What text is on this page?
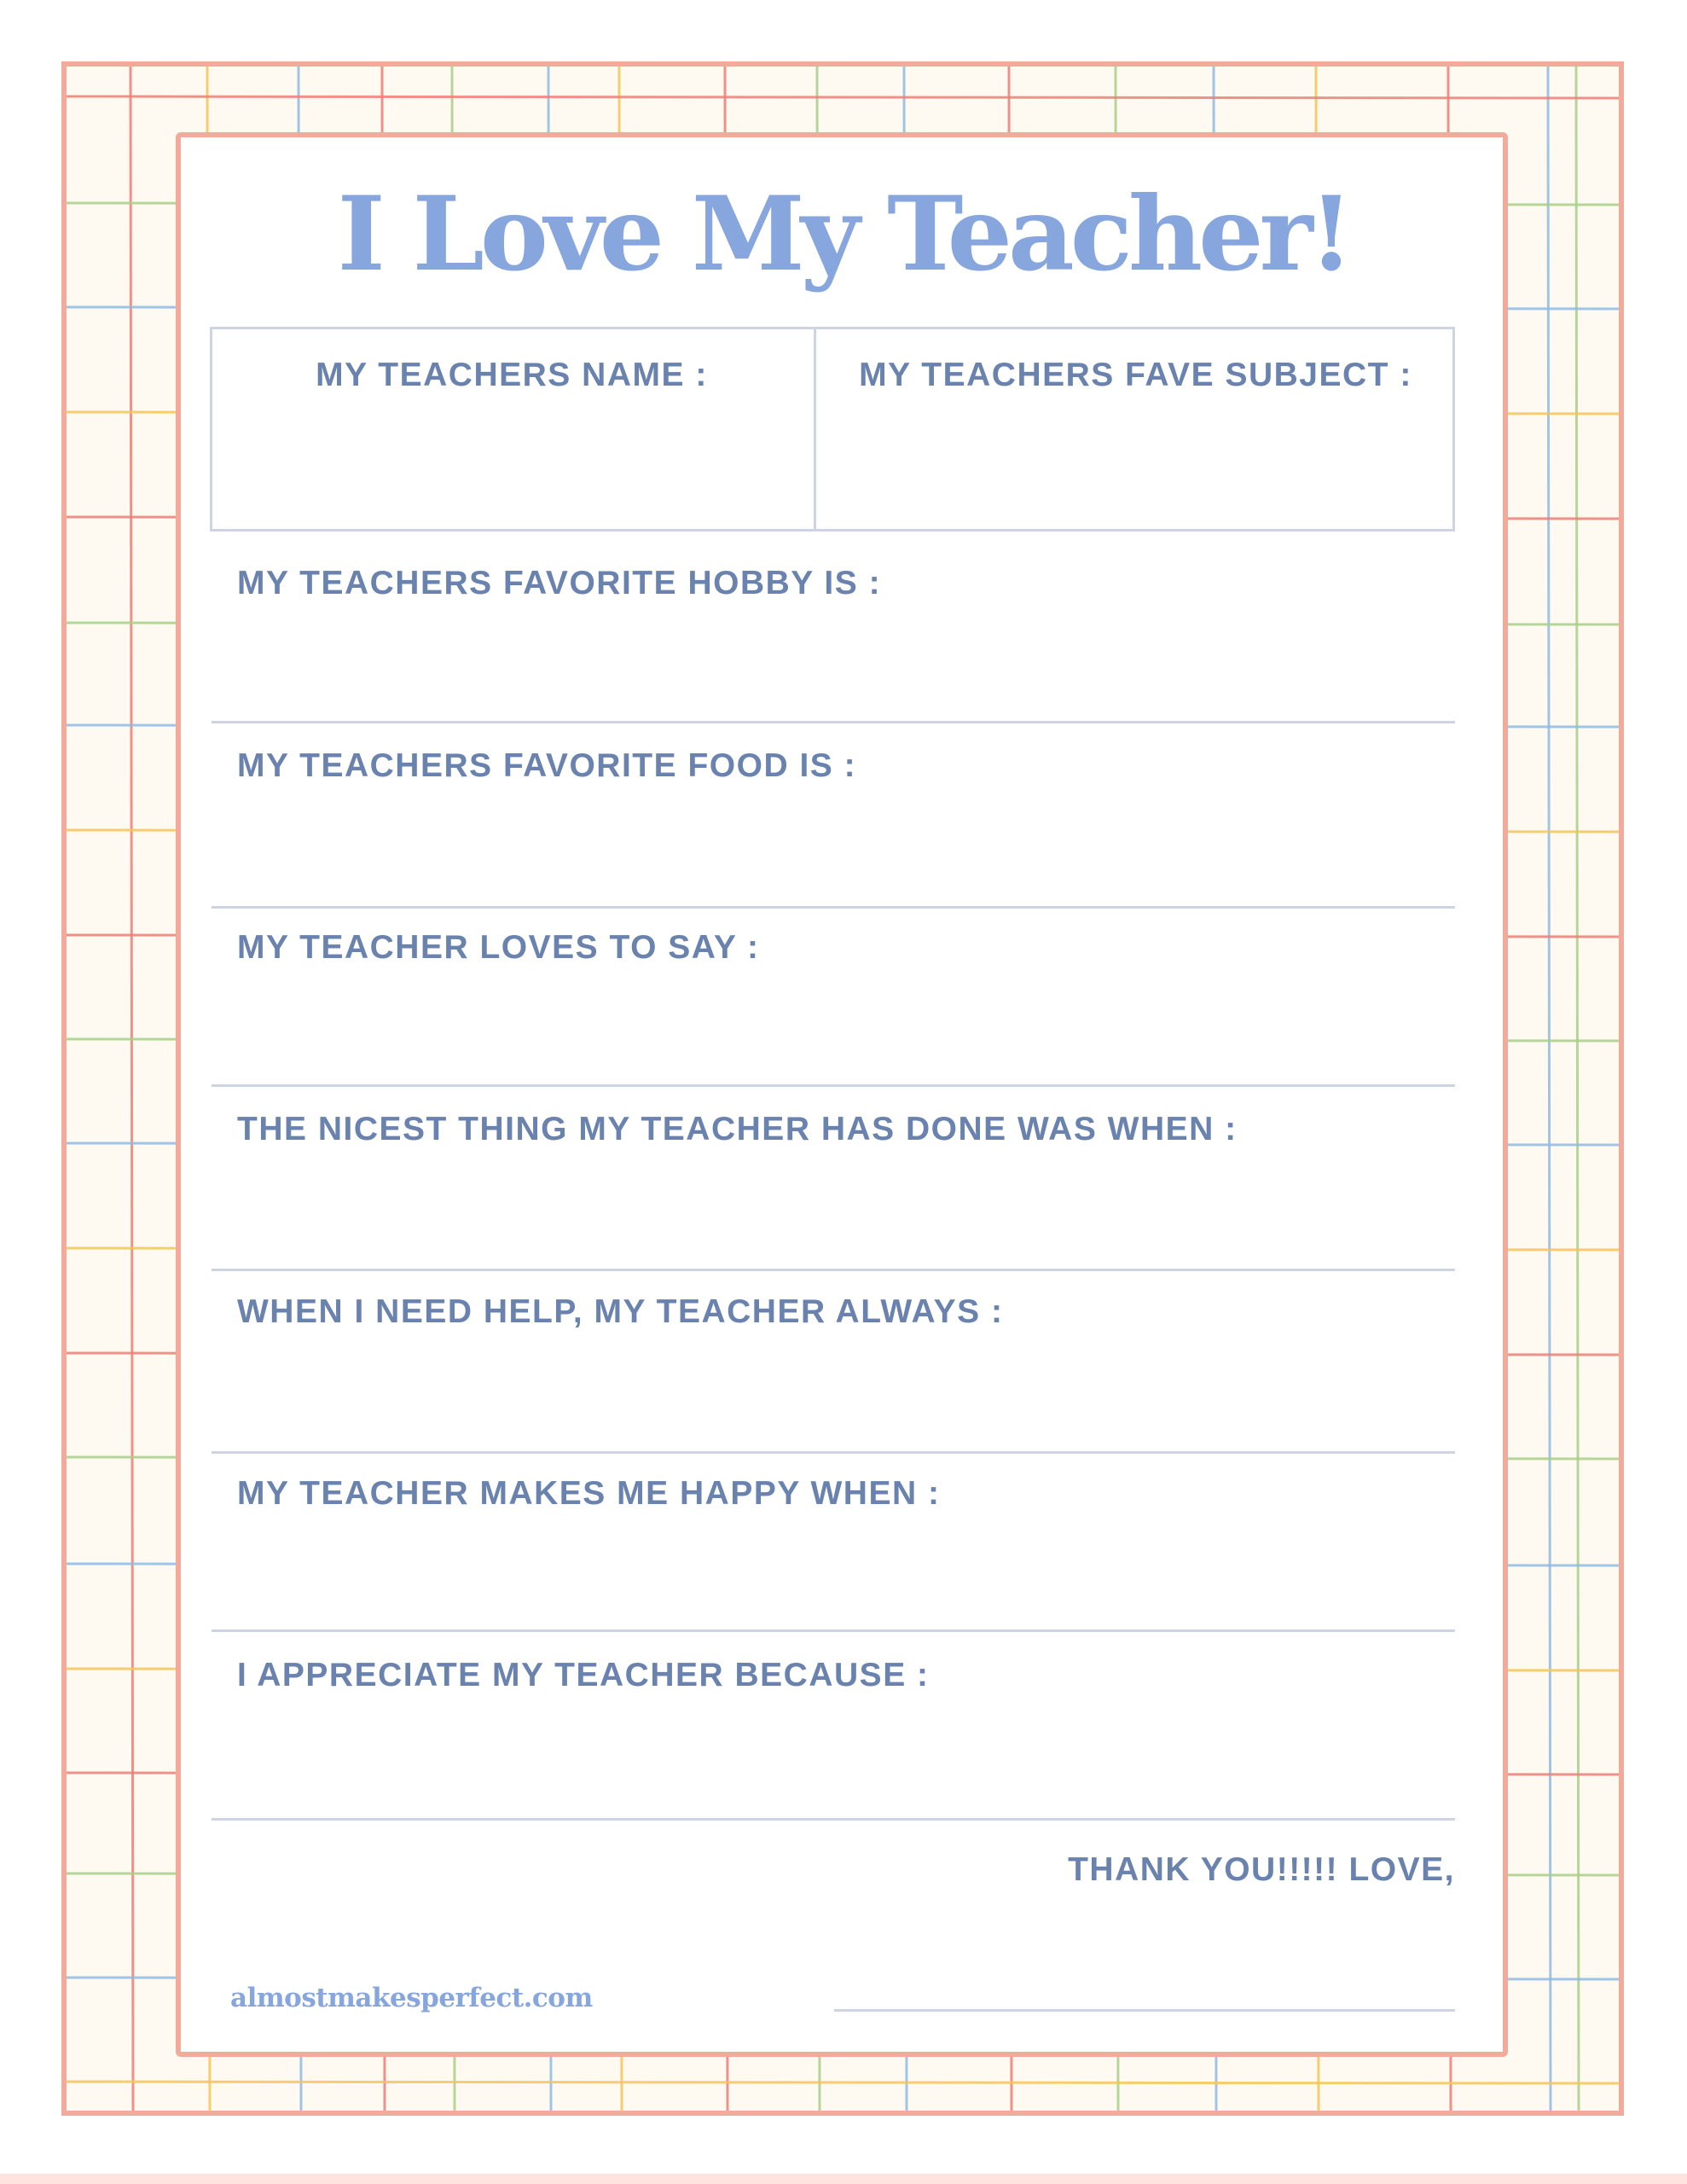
I Love My Teacher!
MY TEACHERS NAME :	MY TEACHERS FAVE SUBJECT :
MY TEACHERS FAVORITE HOBBY IS :
MY TEACHERS FAVORITE FOOD IS :
MY TEACHER LOVES TO SAY :
THE NICEST THING MY TEACHER HAS DONE WAS WHEN :
WHEN I NEED HELP, MY TEACHER ALWAYS :
MY TEACHER MAKES ME HAPPY WHEN :
I APPRECIATE MY TEACHER BECAUSE :
THANK YOU!!!!! LOVE,
almostmakesperfect.com
